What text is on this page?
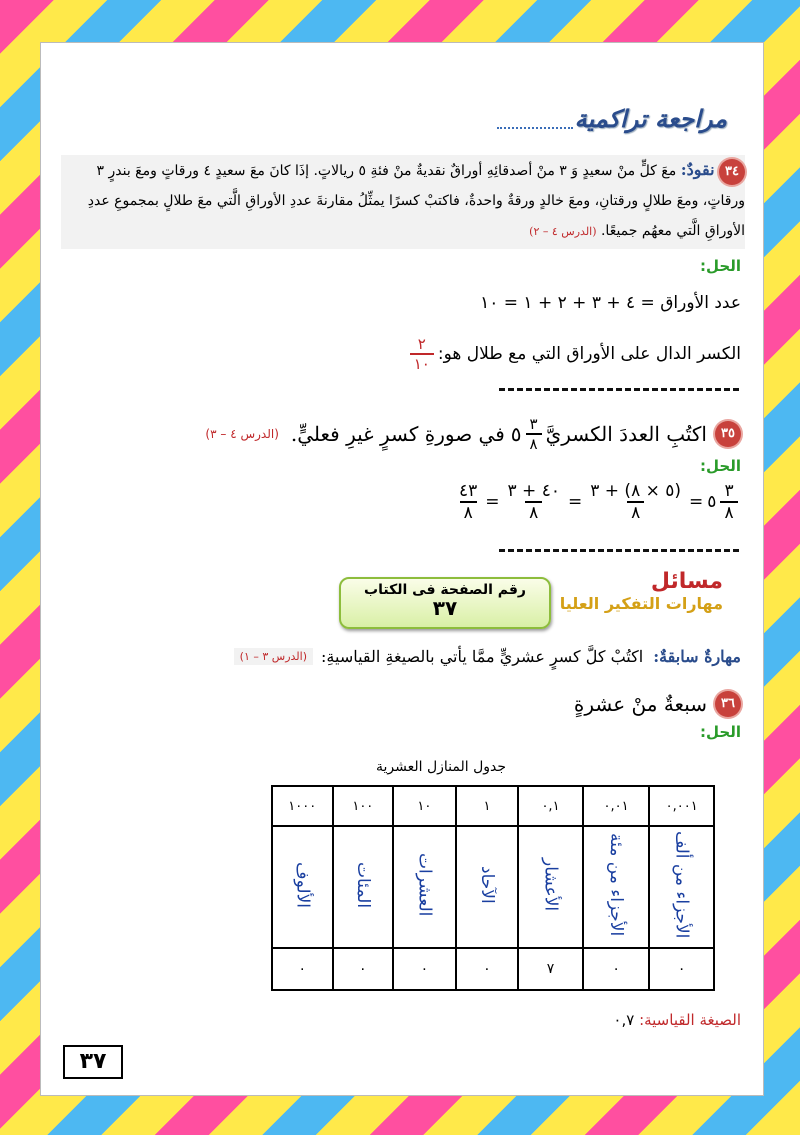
مراجعة تراكمية
٣٤ نقودٌ: معَ كلٍّ منْ سعيدٍ وَ ٣ منْ أصدقائِهِ أوراقٌ نقديةٌ منْ فئةِ ٥ ريالاتٍ. إذَا كانَ معَ سعيدٍ ٤ ورقاتٍ ومعَ بندرٍ ٣ ورقاتٍ، ومعَ طلالٍ ورقتانِ، ومعَ خالدٍ ورقةٌ واحدةٌ، فاكتبْ كسرًا يمثِّلُ مقارنةَ عددِ الأوراقِ الَّتي معَ طلالٍ بمجموعِ عددِ الأوراقِ الَّتي معهُم جميعًا. (الدرس ٤ – ٢)
الحل:
عدد الأوراق = ٤ + ٣ + ٢ + ١ = ١٠
الكسر الدال على الأوراق التي مع طلال هو:
$\frac{٢}{١٠}$
٣٥
اكتُبِ العددَ الكسريَّ
$\frac{٣}{٨}$
٥
في صورةِ كسرٍ غيرِ فعليٍّ.
(الدرس ٤ – ٣)
الحل:
$\frac{٤٣}{٨} = \frac{٤٠ + ٣}{٨} = \frac{(٥ \times ٨) + ٣}{٨}$ = ٥ $\frac{٣}{٨}$
مسائل
مهارات التفكير العليا
رقم الصفحة فى الكتاب
٣٧
مهارةٌ سابقةٌ:
اكتُبْ كلَّ كسرٍ عشريٍّ ممَّا يأتي بالصيغةِ القياسيةِ:
(الدرس ٣ – ١)
٣٦
سبعةٌ منْ عشرةٍ
الحل:
جدول المنازل العشرية
١٠٠٠	١٠٠	١٠	١	٠,١	٠,٠١	٠,٠٠١
الألوف	المئات	العشرات	الآحاد	الأعشار	الأجزاء من مئة	الأجزاء من ألف
٠	٠	٠	٠	٧	٠	٠
الصيغة القياسية: ٠,٧
٣٧
